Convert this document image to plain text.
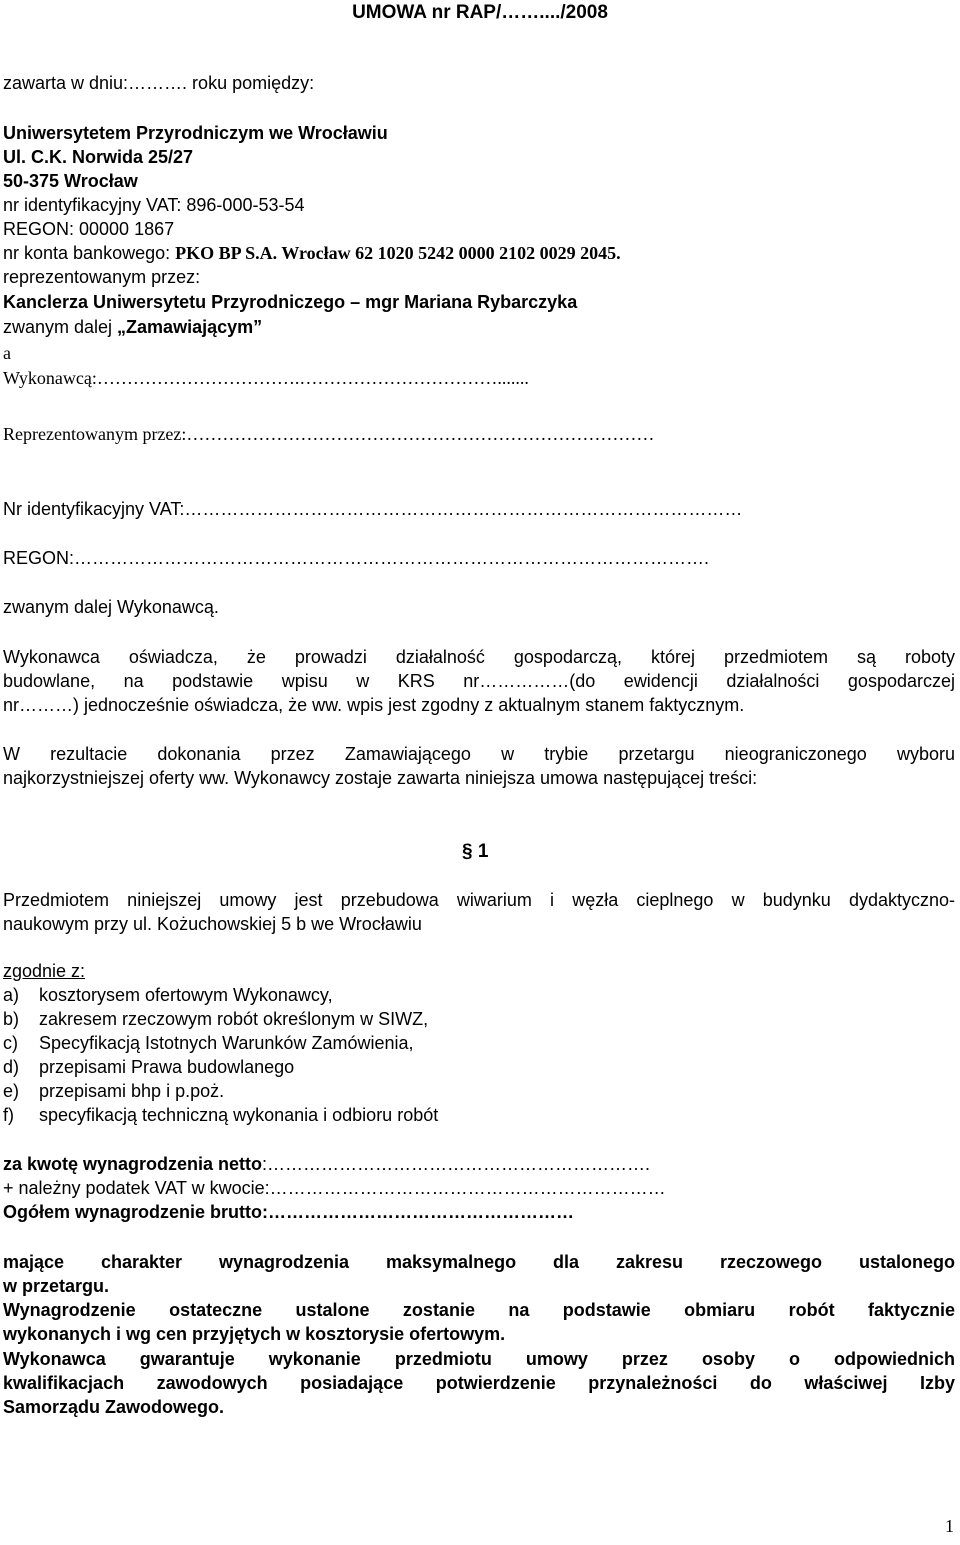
UMOWA nr RAP/……..../2008
zawarta w dniu:………. roku pomiędzy:
Uniwersytetem Przyrodniczym we Wrocławiu
Ul. C.K. Norwida 25/27
50-375 Wrocław
nr identyfikacyjny VAT: 896-000-53-54
REGON: 00000 1867
nr konta bankowego: PKO BP S.A. Wrocław 62 1020 5242 0000 2102 0029 2045.
reprezentowanym przez:
Kanclerza Uniwersytetu Przyrodniczego – mgr Mariana Rybarczyka
zwanym dalej „Zamawiającym”
a
Wykonawcą:…………………………….…………………………….......
Reprezentowanym przez:……………………………………………………………………
Nr identyfikacyjny VAT:…………………………………………………………………………………
REGON:…………………………………………………………………………………………….
zwanym dalej Wykonawcą.
Wykonawca oświadcza, że prowadzi działalność gospodarczą, której przedmiotem są roboty
budowlane, na podstawie wpisu w KRS nr……………(do ewidencji działalności gospodarczej
nr………) jednocześnie oświadcza, że ww. wpis jest zgodny z aktualnym stanem faktycznym.
W rezultacie dokonania przez Zamawiającego w trybie przetargu nieograniczonego wyboru
najkorzystniejszej oferty ww. Wykonawcy zostaje zawarta niniejsza umowa następującej treści:
§ 1
Przedmiotem niniejszej umowy jest przebudowa wiwarium i węzła cieplnego w budynku dydaktyczno-
naukowym przy ul. Kożuchowskiej 5 b we Wrocławiu
zgodnie z:
a) kosztorysem ofertowym Wykonawcy,
b) zakresem rzeczowym robót określonym w SIWZ,
c) Specyfikacją Istotnych Warunków Zamówienia,
d) przepisami Prawa budowlanego
e) przepisami bhp i p.poż.
f) specyfikacją techniczną wykonania i odbioru robót
za kwotę wynagrodzenia netto:……………………………………………………….
+ należny podatek VAT w kwocie:…………………………………………………………
Ogółem wynagrodzenie brutto:……………………………………………
mające charakter wynagrodzenia maksymalnego dla zakresu rzeczowego ustalonego
w przetargu.
Wynagrodzenie ostateczne ustalone zostanie na podstawie obmiaru robót faktycznie
wykonanych i wg cen przyjętych w kosztorysie ofertowym.
Wykonawca gwarantuje wykonanie przedmiotu umowy przez osoby o odpowiednich
kwalifikacjach zawodowych posiadające potwierdzenie przynależności do właściwej Izby
Samorządu Zawodowego.
1
